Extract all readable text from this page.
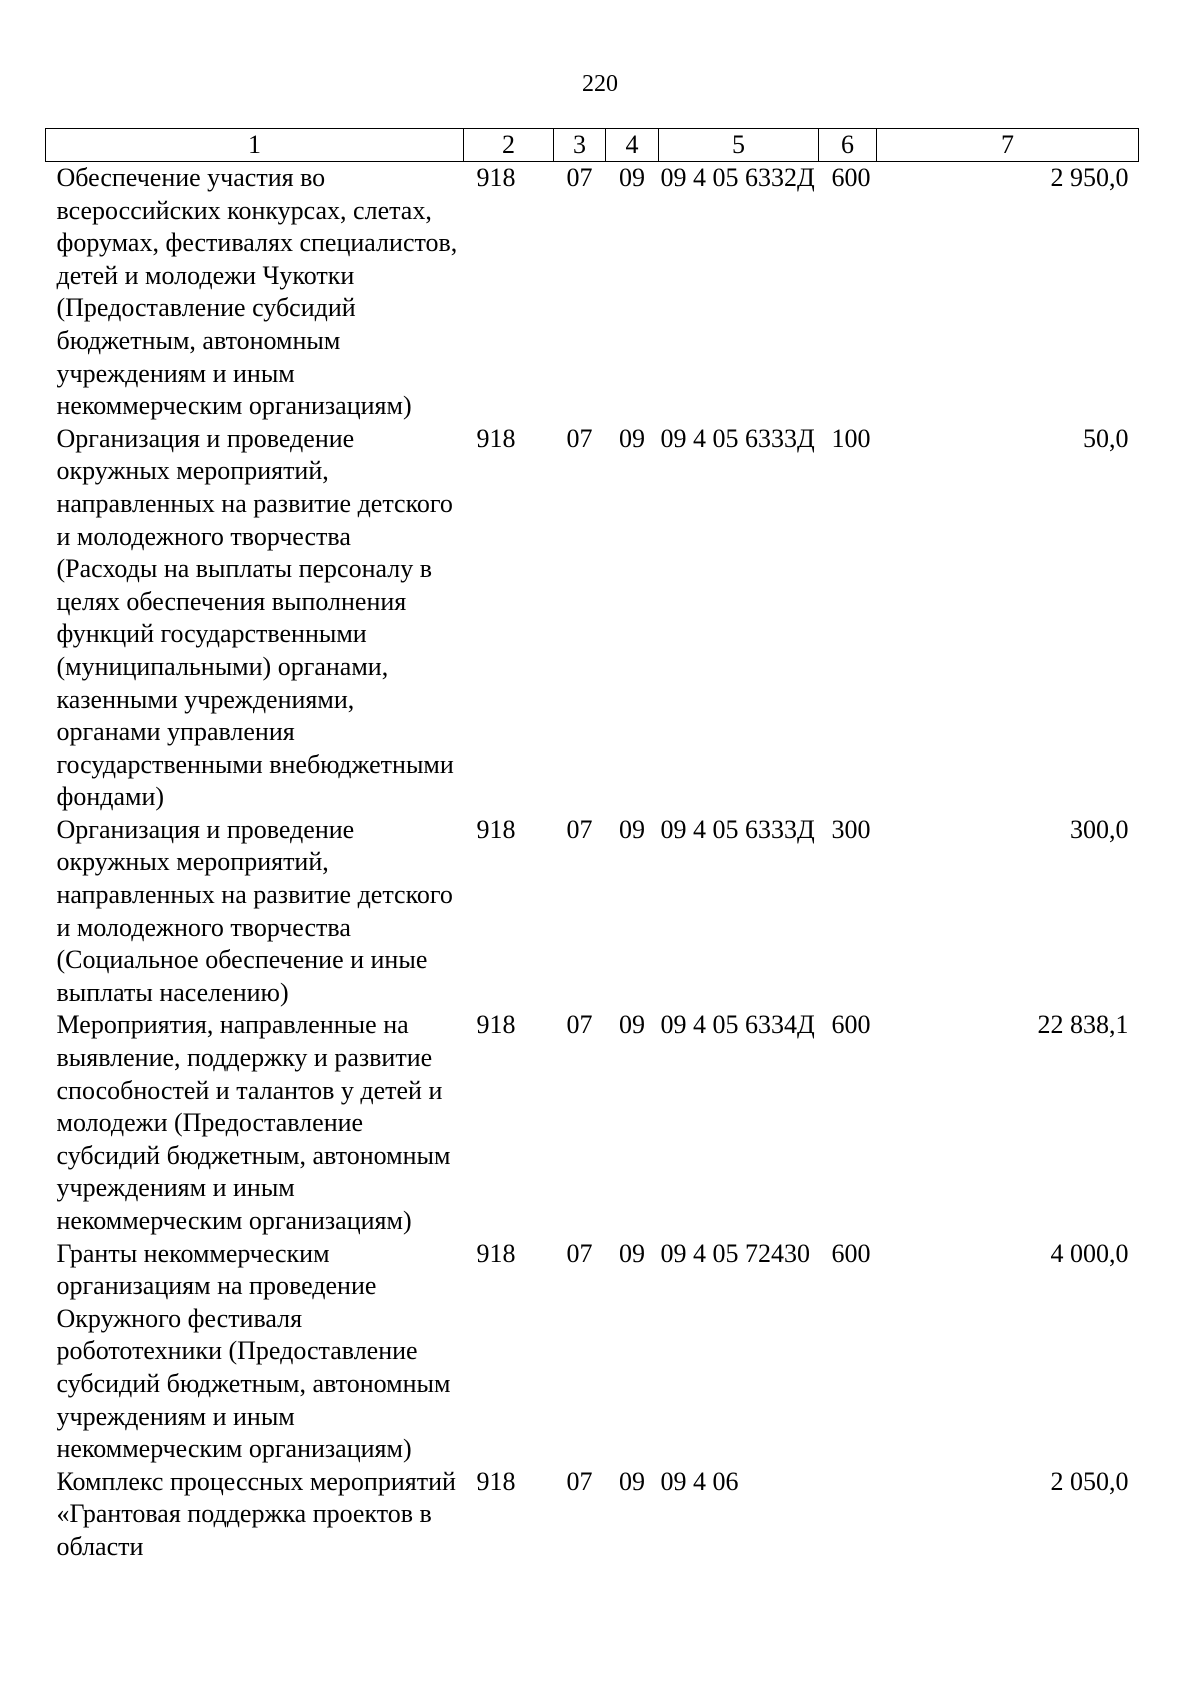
220
1	2	3	4	5	6	7
Обеспечение участия во всероссийских конкурсах, слетах, форумах, фестивалях специалистов, детей и молодежи Чукотки (Предоставление субсидий бюджетным, автономным учреждениям и иным некоммерческим организациям)	918	07	09	09 4 05 6332Д	600	2 950,0
Организация и проведение окружных мероприятий, направленных на развитие детского и молодежного творчества (Расходы на выплаты персоналу в целях обеспечения выполнения функций государственными (муниципальными) органами, казенными учреждениями, органами управления государственными внебюджетными фондами)	918	07	09	09 4 05 6333Д	100	50,0
Организация и проведение окружных мероприятий, направленных на развитие детского и молодежного творчества (Социальное обеспечение и иные выплаты населению)	918	07	09	09 4 05 6333Д	300	300,0
Мероприятия, направленные на выявление, поддержку и развитие способностей и талантов у детей и молодежи (Предоставление субсидий бюджетным, автономным учреждениям и иным некоммерческим организациям)	918	07	09	09 4 05 6334Д	600	22 838,1
Гранты некоммерческим организациям на проведение Окружного фестиваля робототехники (Предоставление субсидий бюджетным, автономным учреждениям и иным некоммерческим организациям)	918	07	09	09 4 05 72430	600	4 000,0
Комплекс процессных мероприятий «Грантовая поддержка проектов в области	918	07	09	09 4 06		2 050,0
